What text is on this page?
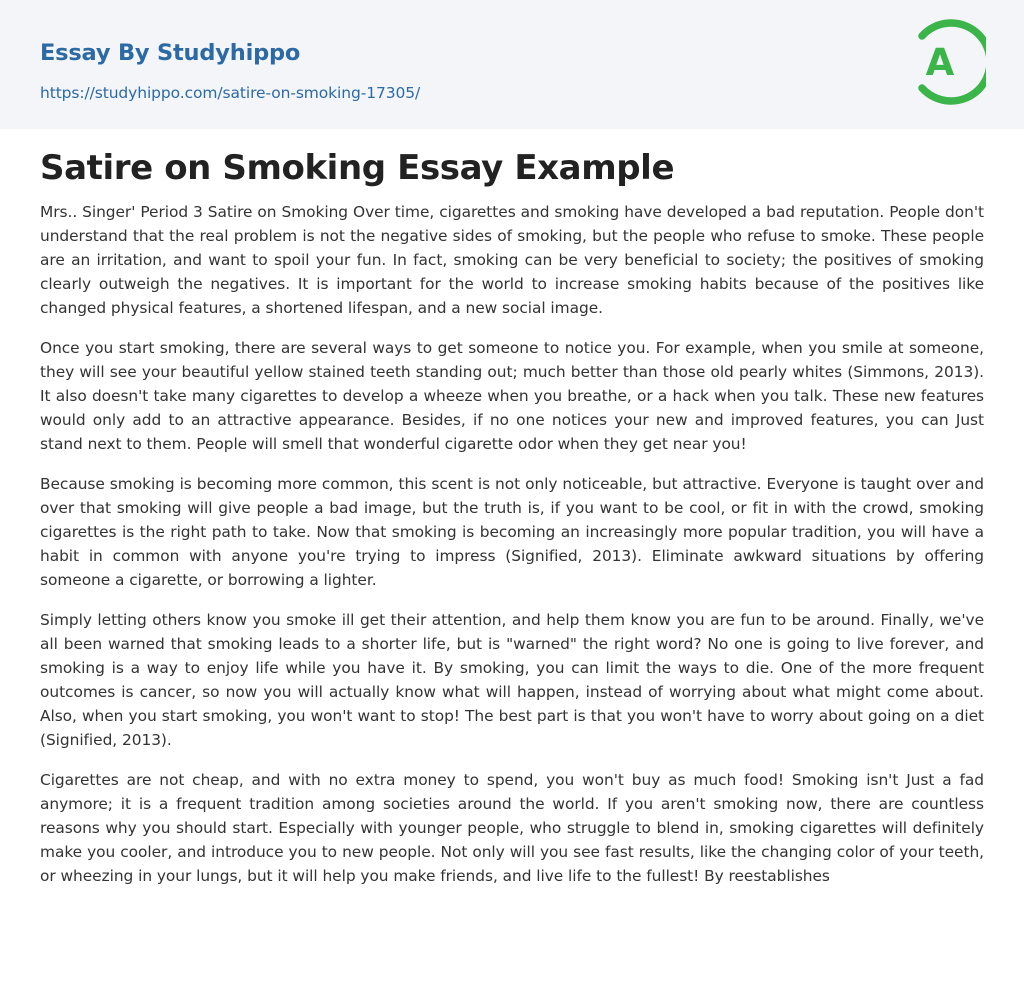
Essay By Studyhippo
https://studyhippo.com/satire-on-smoking-17305/
A
Satire on Smoking Essay Example

Mrs.. Singer' Period 3 Satire on Smoking Over time, cigarettes and smoking have developed a bad reputation. People don't understand that the real problem is not the negative sides of smoking, but the people who refuse to smoke. These people are an irritation, and want to spoil your fun. In fact, smoking can be very beneficial to society; the positives of smoking clearly outweigh the negatives. It is important for the world to increase smoking habits because of the positives like changed physical features, a shortened lifespan, and a new social image.

Once you start smoking, there are several ways to get someone to notice you. For example, when you smile at someone, they will see your beautiful yellow stained teeth standing out; much better than those old pearly whites (Simmons, 2013). It also doesn't take many cigarettes to develop a wheeze when you breathe, or a hack when you talk. These new features would only add to an attractive appearance. Besides, if no one notices your new and improved features, you can Just stand next to them. People will smell that wonderful cigarette odor when they get near you!

Because smoking is becoming more common, this scent is not only noticeable, but attractive. Everyone is taught over and over that smoking will give people a bad image, but the truth is, if you want to be cool, or fit in with the crowd, smoking cigarettes is the right path to take. Now that smoking is becoming an increasingly more popular tradition, you will have a habit in common with anyone you're trying to impress (Signified, 2013). Eliminate awkward situations by offering someone a cigarette, or borrowing a lighter.

Simply letting others know you smoke ill get their attention, and help them know you are fun to be around. Finally, we've all been warned that smoking leads to a shorter life, but is "warned" the right word? No one is going to live forever, and smoking is a way to enjoy life while you have it. By smoking, you can limit the ways to die. One of the more frequent outcomes is cancer, so now you will actually know what will happen, instead of worrying about what might come about. Also, when you start smoking, you won't want to stop! The best part is that you won't have to worry about going on a diet (Signified, 2013).

Cigarettes are not cheap, and with no extra money to spend, you won't buy as much food! Smoking isn't Just a fad anymore; it is a frequent tradition among societies around the world. If you aren't smoking now, there are countless reasons why you should start. Especially with younger people, who struggle to blend in, smoking cigarettes will definitely make you cooler, and introduce you to new people. Not only will you see fast results, like the changing color of your teeth, or wheezing in your lungs, but it will help you make friends, and live life to the fullest! By reestablishes
